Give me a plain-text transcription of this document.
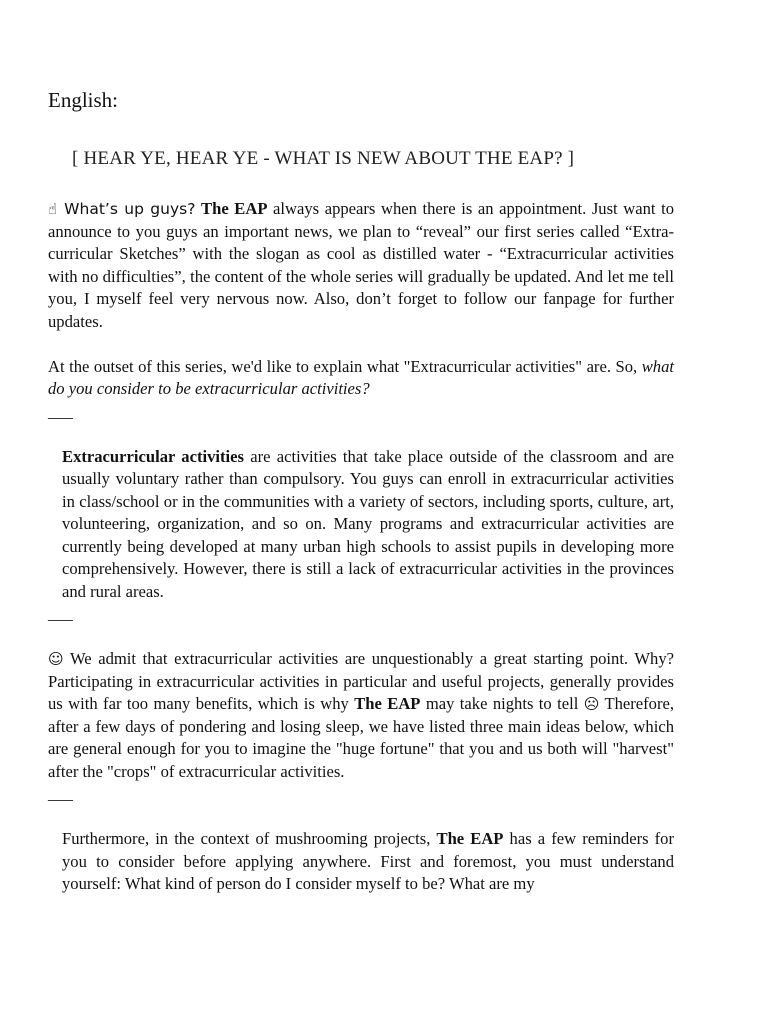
English:
[ HEAR YE, HEAR YE - WHAT IS NEW ABOUT THE EAP? ]

☝ What’s up guys? The EAP always appears when there is an appointment. Just want to announce to you guys an important news, we plan to “reveal” our first series called “Extra-curricular Sketches” with the slogan as cool as distilled water - “Extracurricular activities with no difficulties”, the content of the whole series will gradually be updated. And let me tell you, I myself feel very nervous now. Also, don’t forget to follow our fanpage for further updates.

At the outset of this series, we'd like to explain what "Extracurricular activities" are. So, what do you consider to be extracurricular activities?

___

Extracurricular activities are activities that take place outside of the classroom and are usually voluntary rather than compulsory. You guys can enroll in extracurricular activities in class/school or in the communities with a variety of sectors, including sports, culture, art, volunteering, organization, and so on. Many programs and extracurricular activities are currently being developed at many urban high schools to assist pupils in developing more comprehensively. However, there is still a lack of extracurricular activities in the provinces and rural areas.

___

☺ We admit that extracurricular activities are unquestionably a great starting point. Why? Participating in extracurricular activities in particular and useful projects, generally provides us with far too many benefits, which is why The EAP may take nights to tell ☹ Therefore, after a few days of pondering and losing sleep, we have listed three main ideas below, which are general enough for you to imagine the "huge fortune" that you and us both will "harvest" after the "crops" of extracurricular activities.

___

Furthermore, in the context of mushrooming projects, The EAP has a few reminders for you to consider before applying anywhere. First and foremost, you must understand yourself: What kind of person do I consider myself to be? What are my
